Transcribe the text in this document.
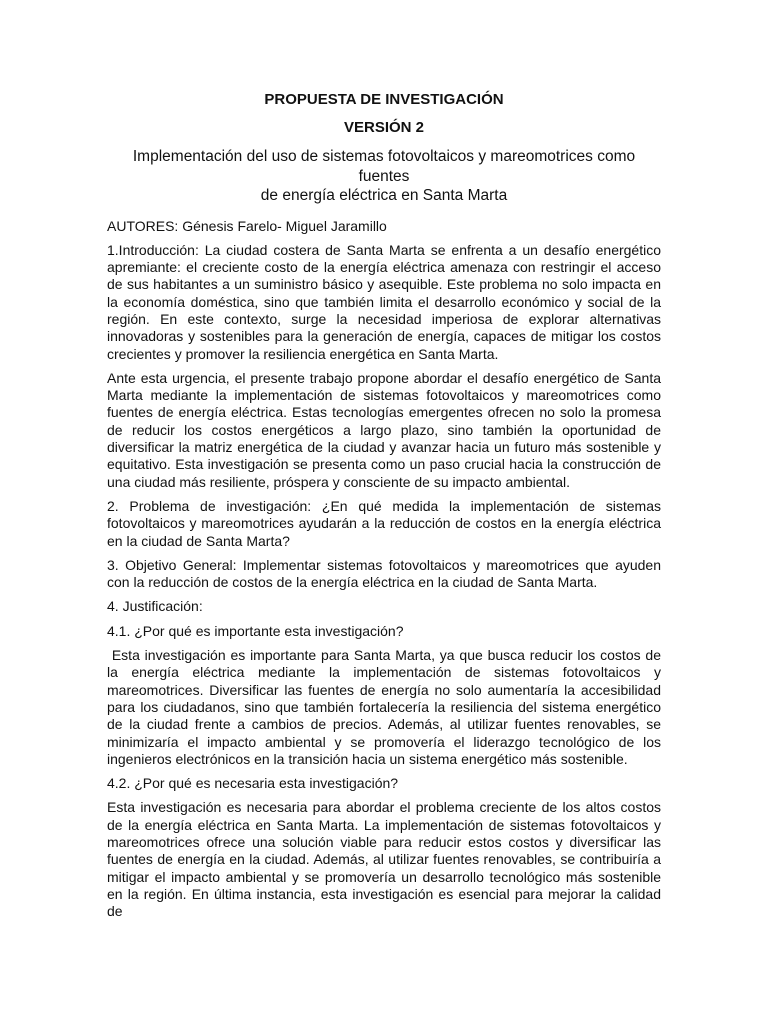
PROPUESTA DE INVESTIGACIÓN
VERSIÓN 2
Implementación del uso de sistemas fotovoltaicos y mareomotrices como fuentes
de energía eléctrica en Santa Marta

AUTORES: Génesis Farelo- Miguel Jaramillo

1.Introducción: La ciudad costera de Santa Marta se enfrenta a un desafío energético apremiante: el creciente costo de la energía eléctrica amenaza con restringir el acceso de sus habitantes a un suministro básico y asequible. Este problema no solo impacta en la economía doméstica, sino que también limita el desarrollo económico y social de la región. En este contexto, surge la necesidad imperiosa de explorar alternativas innovadoras y sostenibles para la generación de energía, capaces de mitigar los costos crecientes y promover la resiliencia energética en Santa Marta.

Ante esta urgencia, el presente trabajo propone abordar el desafío energético de Santa Marta mediante la implementación de sistemas fotovoltaicos y mareomotrices como fuentes de energía eléctrica. Estas tecnologías emergentes ofrecen no solo la promesa de reducir los costos energéticos a largo plazo, sino también la oportunidad de diversificar la matriz energética de la ciudad y avanzar hacia un futuro más sostenible y equitativo. Esta investigación se presenta como un paso crucial hacia la construcción de una ciudad más resiliente, próspera y consciente de su impacto ambiental.

2. Problema de investigación: ¿En qué medida la implementación de sistemas fotovoltaicos y mareomotrices ayudarán a la reducción de costos en la energía eléctrica en la ciudad de Santa Marta?

3. Objetivo General: Implementar sistemas fotovoltaicos y mareomotrices que ayuden con la reducción de costos de la energía eléctrica en la ciudad de Santa Marta.

4. Justificación:

4.1. ¿Por qué es importante esta investigación?

Esta investigación es importante para Santa Marta, ya que busca reducir los costos de la energía eléctrica mediante la implementación de sistemas fotovoltaicos y mareomotrices. Diversificar las fuentes de energía no solo aumentaría la accesibilidad para los ciudadanos, sino que también fortalecería la resiliencia del sistema energético de la ciudad frente a cambios de precios. Además, al utilizar fuentes renovables, se minimizaría el impacto ambiental y se promovería el liderazgo tecnológico de los ingenieros electrónicos en la transición hacia un sistema energético más sostenible.

4.2. ¿Por qué es necesaria esta investigación?

Esta investigación es necesaria para abordar el problema creciente de los altos costos de la energía eléctrica en Santa Marta. La implementación de sistemas fotovoltaicos y mareomotrices ofrece una solución viable para reducir estos costos y diversificar las fuentes de energía en la ciudad. Además, al utilizar fuentes renovables, se contribuiría a mitigar el impacto ambiental y se promovería un desarrollo tecnológico más sostenible en la región. En última instancia, esta investigación es esencial para mejorar la calidad de
